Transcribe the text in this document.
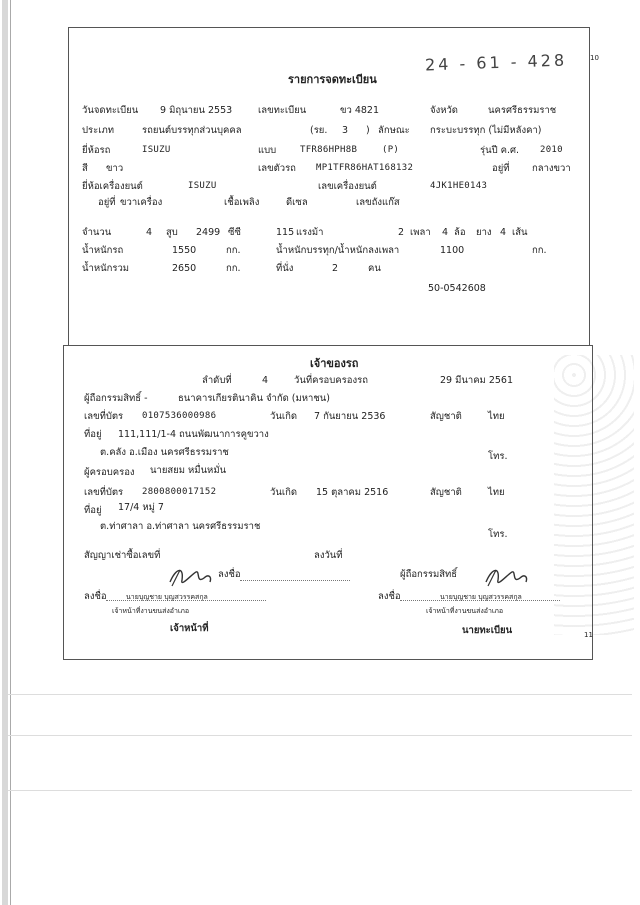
24 - 61 - 428	10
รายการจดทะเบียน
วันจดทะเบียน 9 มิถุนายน 2553	เลขทะเบียน	ขว 4821	จังหวัด	นครศรีธรรมราช
ประเภท	รถยนต์บรรทุกส่วนบุคคล	(รย. 3 ) ลักษณะ กระบะบรรทุก (ไม่มีหลังคา)
ยี่ห้อรถ	ISUZU	แบบ	TFR86HPH8B	(P)	รุ่นปี ค.ศ. 2010
สี ขาว	เลขตัวรถ MP1TFR86HAT168132	อยู่ที่ กลางขวา
ยี่ห้อเครื่องยนต์	ISUZU	เลขเครื่องยนต์	4JK1HE0143
อยู่ที่ ขวาเครื่อง	เชื้อเพลิง	ดีเซล	เลขถังแก๊ส
จำนวน	4 สูบ 2499 ซีซี	115 แรงม้า	2 เพลา 4 ล้อ ยาง 4 เส้น
น้ำหนักรถ	1550	กก.	น้ำหนักบรรทุก/น้ำหนักลงเพลา	1100	กก.
น้ำหนักรวม	2650	กก.	ที่นั่ง	2	คน
50-0542608
เจ้าของรถ
ลำดับที่	4	วันที่ครอบครองรถ	29 มีนาคม 2561
ผู้ถือกรรมสิทธิ์ -	ธนาคารเกียรตินาคิน จำกัด (มหาชน)
เลขที่บัตร 0107536000986	วันเกิด 7 กันยายน 2536	สัญชาติ	ไทย
ที่อยู่ 111,111/1-4 ถนนพัฒนาการคูขวาง
ต.คลัง อ.เมือง นครศรีธรรมราช	โทร.
ผู้ครอบครอง นายสยม หมื่นหมั่น
เลขที่บัตร 2800800017152	วันเกิด 15 ตุลาคม 2516	สัญชาติ	ไทย
ที่อยู่ 17/4 หมู่ 7
ต.ท่าศาลา อ.ท่าศาลา นครศรีธรรมราช
โทร.
สัญญาเช่าซื้อเลขที่	ลงวันที่
ลงชื่อ	ผู้ถือกรรมสิทธิ์
ลงชื่อ	นายบุญชาย บุญสวรรคสกุล
เจ้าหน้าที่งานขนส่งอำเภอ
เจ้าหน้าที่
ลงชื่อ	นายบุญชาย บุญสวรรคสกุล
เจ้าหน้าที่งานขนส่งอำเภอ
นายทะเบียน	11
